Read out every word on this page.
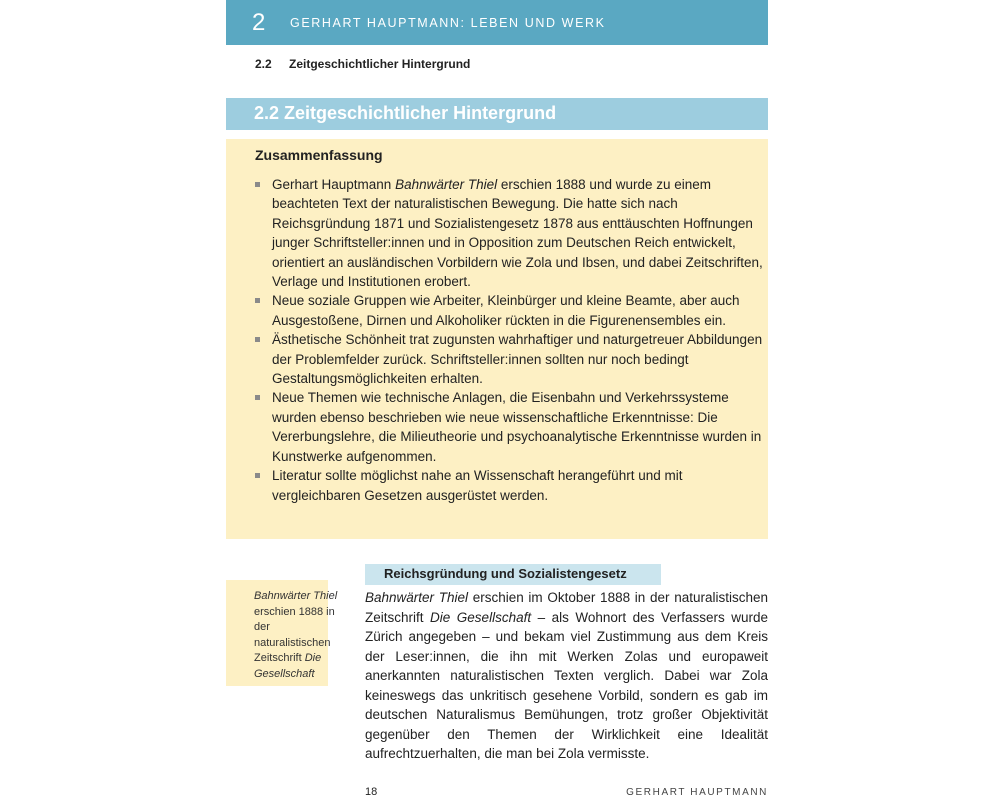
2	GERHART HAUPTMANN: LEBEN UND WERK
2.2 Zeitgeschichtlicher Hintergrund
2.2 Zeitgeschichtlicher Hintergrund
Zusammenfassung
Gerhart Hauptmann Bahnwärter Thiel erschien 1888 und wurde zu einem beachteten Text der naturalistischen Bewegung. Die hatte sich nach Reichsgründung 1871 und Sozialistengesetz 1878 aus enttäuschten Hoffnungen junger Schriftsteller:innen und in Opposition zum Deutschen Reich entwickelt, orientiert an ausländischen Vorbildern wie Zola und Ibsen, und dabei Zeitschriften, Verlage und Institutionen erobert.
Neue soziale Gruppen wie Arbeiter, Kleinbürger und kleine Beamte, aber auch Ausgestoßene, Dirnen und Alkoholiker rückten in die Figurenensembles ein.
Ästhetische Schönheit trat zugunsten wahrhaftiger und naturgetreuer Abbildungen der Problemfelder zurück. Schriftsteller:innen sollten nur noch bedingt Gestaltungsmöglichkeiten erhalten.
Neue Themen wie technische Anlagen, die Eisenbahn und Verkehrssysteme wurden ebenso beschrieben wie neue wissenschaftliche Erkenntnisse: Die Vererbungslehre, die Milieutheorie und psychoanalytische Erkenntnisse wurden in Kunstwerke aufgenommen.
Literatur sollte möglichst nahe an Wissenschaft herangeführt und mit vergleichbaren Gesetzen ausgerüstet werden.
Bahnwärter Thiel erschien 1888 in der naturalistischen Zeitschrift Die Gesellschaft
Reichsgründung und Sozialistengesetz

Bahnwärter Thiel erschien im Oktober 1888 in der naturalistischen Zeitschrift Die Gesellschaft – als Wohnort des Verfassers wurde Zürich angegeben – und bekam viel Zustimmung aus dem Kreis der Leser:innen, die ihn mit Werken Zolas und europaweit anerkannten naturalistischen Texten verglich. Dabei war Zola keineswegs das unkritisch gesehene Vorbild, sondern es gab im deutschen Naturalismus Bemühungen, trotz großer Objektivität gegenüber den Themen der Wirklichkeit eine Idealität aufrechtzuerhalten, die man bei Zola vermisste.

18	GERHART HAUPTMANN
